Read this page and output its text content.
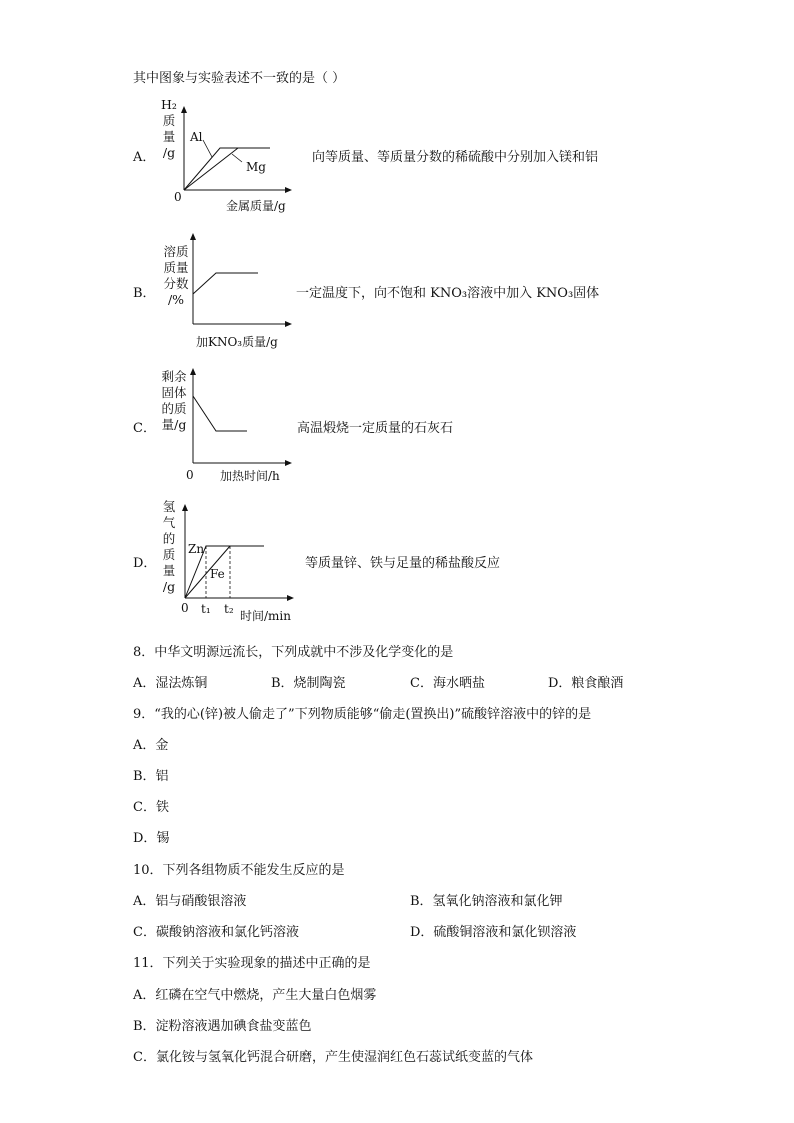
其中图象与实验表述不一致的是（ ）
A．
H₂
质
量
/g
Al
Mg
0
金属质量/g
向等质量、等质量分数的稀硫酸中分别加入镁和铝
B．
溶质
质量
分数
/%
加KNO₃质量/g
一定温度下，向不饱和 KNO₃溶液中加入 KNO₃固体
C．
剩余
固体
的质
量/g
0 加热时间/h
高温煅烧一定质量的石灰石
D．
氢
气
的
质
量
/g
Zn
Fe
0 t₁ t₂ 时间/min
等质量锌、铁与足量的稀盐酸反应
8．中华文明源远流长，下列成就中不涉及化学变化的是
A．湿法炼铜	B．烧制陶瓷	C．海水晒盐	D．粮食酿酒
9．“我的心(锌)被人偷走了”下列物质能够“偷走(置换出)”硫酸锌溶液中的锌的是
A．金
B．铝
C．铁
D．锡
10．下列各组物质不能发生反应的是
A．铝与硝酸银溶液	B．氢氧化钠溶液和氯化钾
C．碳酸钠溶液和氯化钙溶液	D．硫酸铜溶液和氯化钡溶液
11．下列关于实验现象的描述中正确的是
A．红磷在空气中燃烧，产生大量白色烟雾
B．淀粉溶液遇加碘食盐变蓝色
C．氯化铵与氢氧化钙混合研磨，产生使湿润红色石蕊试纸变蓝的气体
